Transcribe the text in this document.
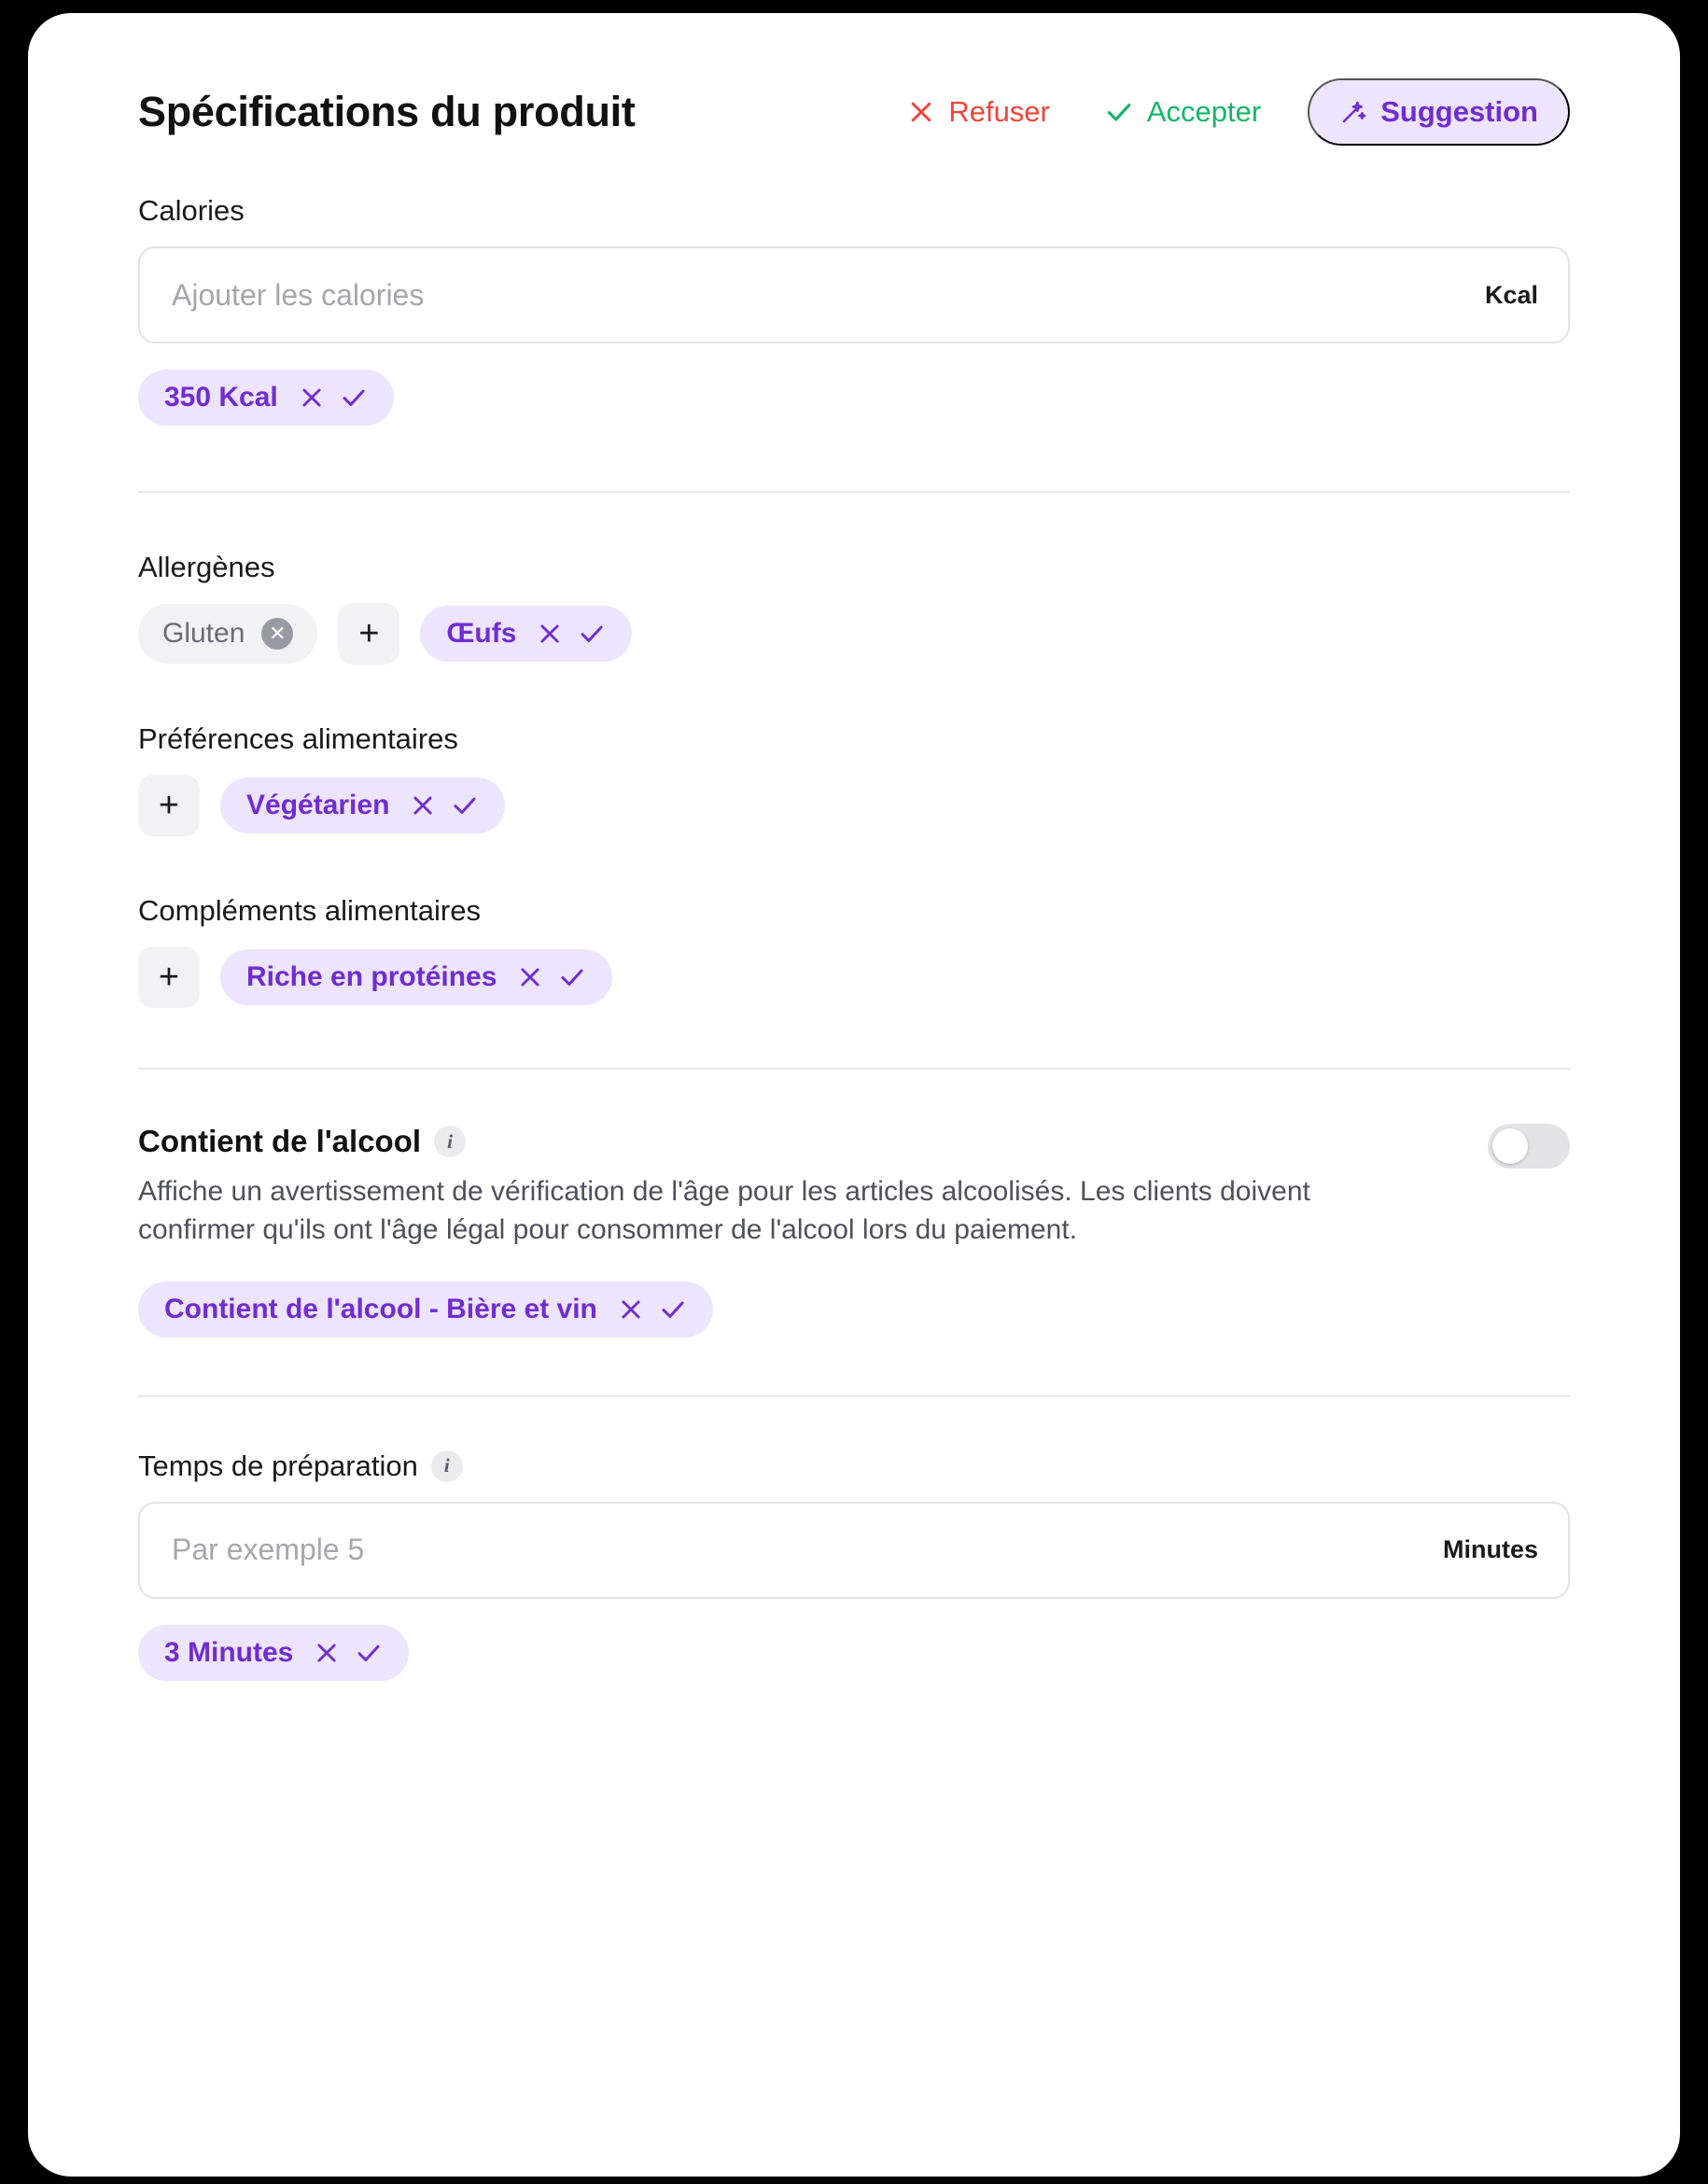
Spécifications du produit	Refuser	Accepter	Suggestion
Calories
Ajouter les calories
Kcal
350 Kcal
Allergènes
Gluten	✕ + Œufs
Préférences alimentaires
+ Végétarien
Compléments alimentaires
+ Riche en protéines
Contient de l'alcool	i
Affiche un avertissement de vérification de l'âge pour les articles alcoolisés. Les clients doivent confirmer qu'ils ont l'âge légal pour consommer de l'alcool lors du paiement.
Contient de l'alcool - Bière et vin
Temps de préparation	i
Par exemple 5
Minutes
3 Minutes
